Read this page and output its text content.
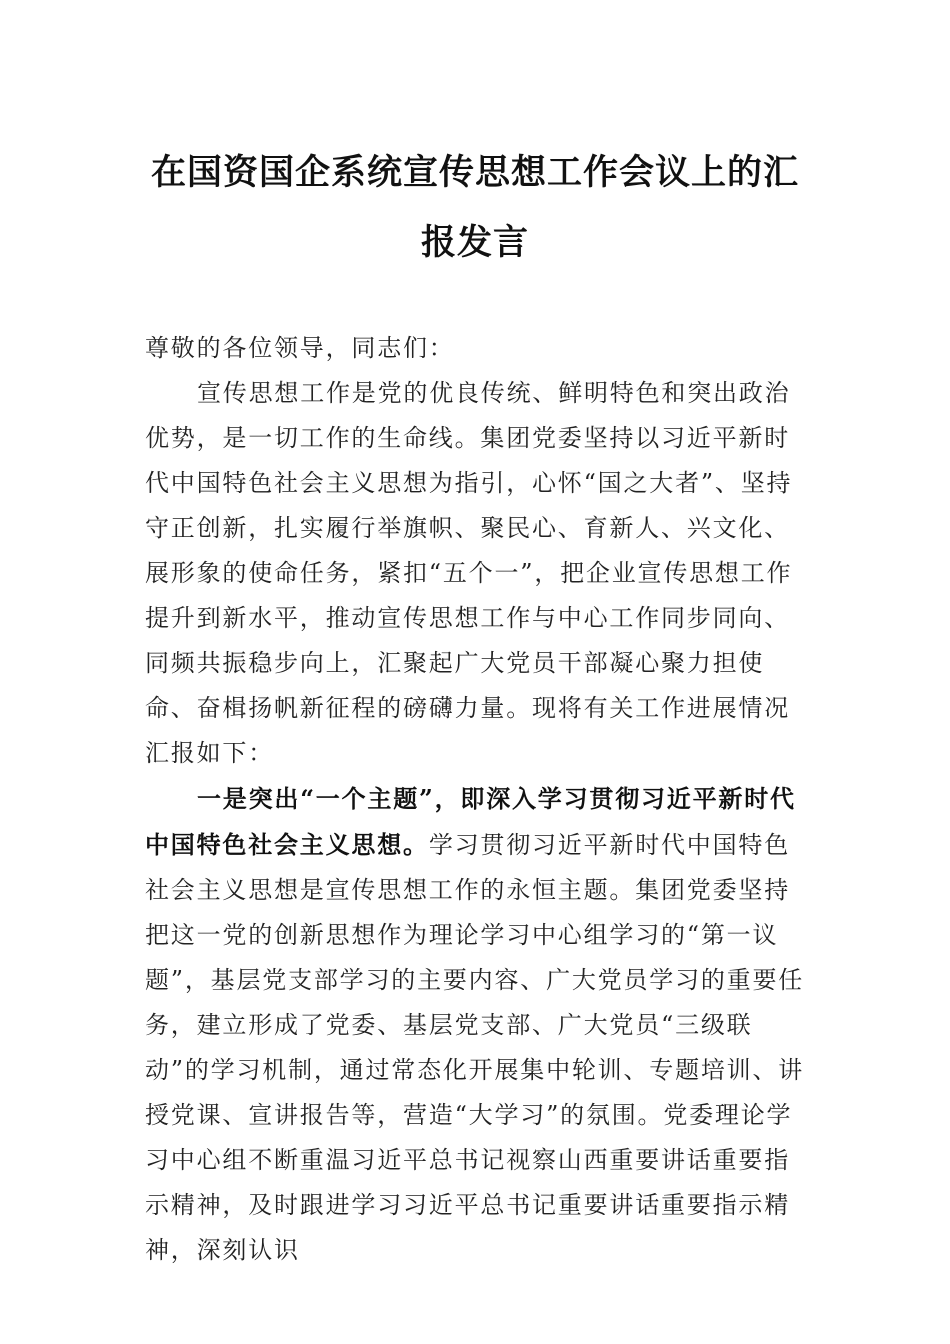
在国资国企系统宣传思想工作会议上的汇
报发言

尊敬的各位领导，同志们：

宣传思想工作是党的优良传统、鲜明特色和突出政治优势，是一切工作的生命线。集团党委坚持以习近平新时代中国特色社会主义思想为指引，心怀“国之大者”、坚持守正创新，扎实履行举旗帜、聚民心、育新人、兴文化、展形象的使命任务，紧扣“五个一”，把企业宣传思想工作提升到新水平，推动宣传思想工作与中心工作同步同向、同频共振稳步向上，汇聚起广大党员干部凝心聚力担使命、奋楫扬帆新征程的磅礴力量。现将有关工作进展情况汇报如下：

一是突出“一个主题”，即深入学习贯彻习近平新时代中国特色社会主义思想。学习贯彻习近平新时代中国特色社会主义思想是宣传思想工作的永恒主题。集团党委坚持把这一党的创新思想作为理论学习中心组学习的“第一议题”，基层党支部学习的主要内容、广大党员学习的重要任务，建立形成了党委、基层党支部、广大党员“三级联动”的学习机制，通过常态化开展集中轮训、专题培训、讲授党课、宣讲报告等，营造“大学习”的氛围。党委理论学习中心组不断重温习近平总书记视察山西重要讲话重要指示精神，及时跟进学习习近平总书记重要讲话重要指示精神，深刻认识
